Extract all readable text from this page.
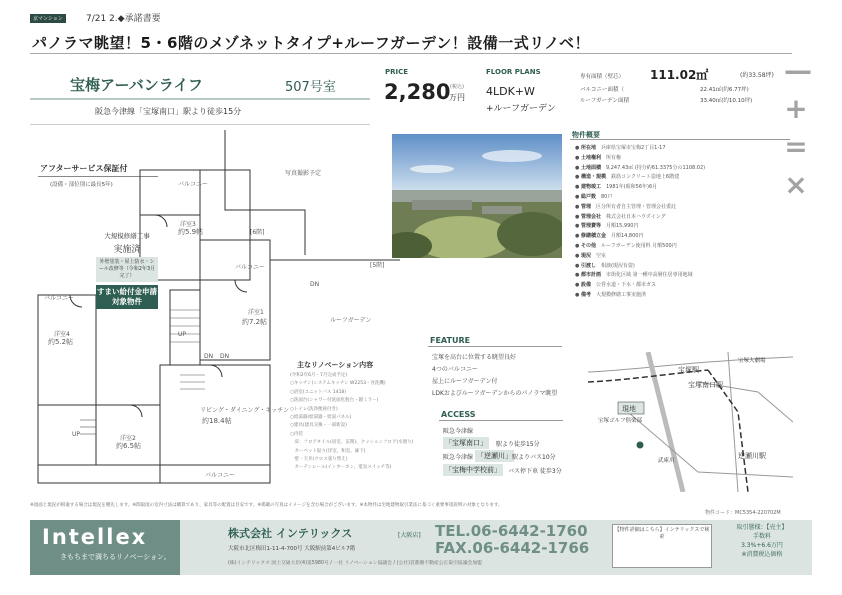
京マンション	7/21 2.◆承諾書要
パノラマ眺望！5・6階のメゾネットタイプ+ルーフガーデン！設備一式リノベ！
宝梅アーバンライフ	507号室
阪急今津線「宝塚南口」駅より徒歩15分
PRICE
2,280 (税込)
万円
FLOOR PLANS
4LDK+W
+ルーフガーデン
専有面積（壁芯） 111.02㎡	(約33.58坪)
バルコニー面積（	22.41㎡(約6.77坪)
ルーフガーデン面積	33.40㎡(約10.10坪)
—
+
=
×
アフターサービス保証付
(設備・部位別に最長5年)	バルコニー
洋室3
約5.9帖	[6階]
バルコニー
洋室1
約7.2帖
写真撮影予定
[5階]
ルーフガーデン
DN
UP
DN DN
バルコニー
洋室4
約5.2帖
UP
洋室2
約6.5帖
リビング・ダイニング・キッチン
約18.4帖
バルコニー
大規模修繕工事
実施済
外壁塗装・屋上防水・シール改修等（令和2年3月完了）
すまい給付金申請対象物件
主なリノベーション内容
(令和2年6月・7月完成予定)
○キッチン(システムキッチン W2253・食洗機)
○浴室(ユニットバス 1418)
○洗面台(シャワー付洗面化粧台・鏡ミラー)
○トイレ(洗浄便座付き)
○給湯器(給湯器・給湯パネル)
○建具(建具交換・一部新設)
○内装
　床：フロアタイル(居室、玄関)、クッションフロア(水廻り)
　カーペット貼り(洋室、和室、廊下)
　壁・天井(クロス張り替え)
　カーテンレール(インターホン、電気スイッチ等)
FEATURE
宝塚を高台に位置する眺望良好
4つのバルコニー
屋上にルーフガーデン付
LDKおよびルーフガーデンからのパノラマ眺望
ACCESS
阪急今津線
「宝塚南口」	駅より徒歩15分
阪急今津線 「逆瀬川」 駅よりバス10分
「宝梅中学校前」	バス停下車 徒歩3分
物件概要
● 所在地　 兵庫県宝塚市宝梅2丁目1-17
● 土地権利　 所有権
● 土地面積　 9,247.43㎡ (持分約61.3375分の1108.02)
● 構造・規模　 鉄筋コンクリート造地上6階建
● 建物竣工　 1981年(昭和56年)6月
● 総戸数　 80戸
● 管理　 区分所有者自主管理・管理会社委託
● 管理会社　 株式会社日本ハウズイング
● 管理費等　 月額15,990円
● 修繕積立金　 月額14,800円
● その他　 ルーフガーデン使用料 月額500円
● 現況　 空室
● 引渡し　 相談(現況有姿)
● 都市計画　 市街化区域 第一種中高層住居専用地域
● 設備　 公営水道・下水・都市ガス
● 備考　 大規模修繕工事実施済
現地
宝塚駅
宝塚南口駅
逆瀬川駅
宝塚ゴルフ倶楽部
宝塚大劇場
武庫川
※図面と現況が相違する場合は現況を優先します。※間取図の室内寸法は概算であり、家具等の配置は目安です。※掲載の写真はイメージを含む場合がございます。※本物件は宅地建物取引業法に基づく重要事項説明の対象となります。
物件コード：MC5354-220702M
Intellex
きもちまで満ちるリノベーション。
株式会社 インテリックス	[大阪店]
大阪市北区梅田1-11-4-700号 大阪駅前第4ビル7階
(株)インテリックス 国土交通大臣(4)第5980号 / 一社 リノベーション協議会 / (公社)首都圏不動産公正取引協議会加盟
TEL.06-6442-1760
FAX.06-6442-1766
【物件詳細はこちら】インテリックスで検索
取引態様：【売主】
手数料
3.3%+6.6万円
※消費税込価格
